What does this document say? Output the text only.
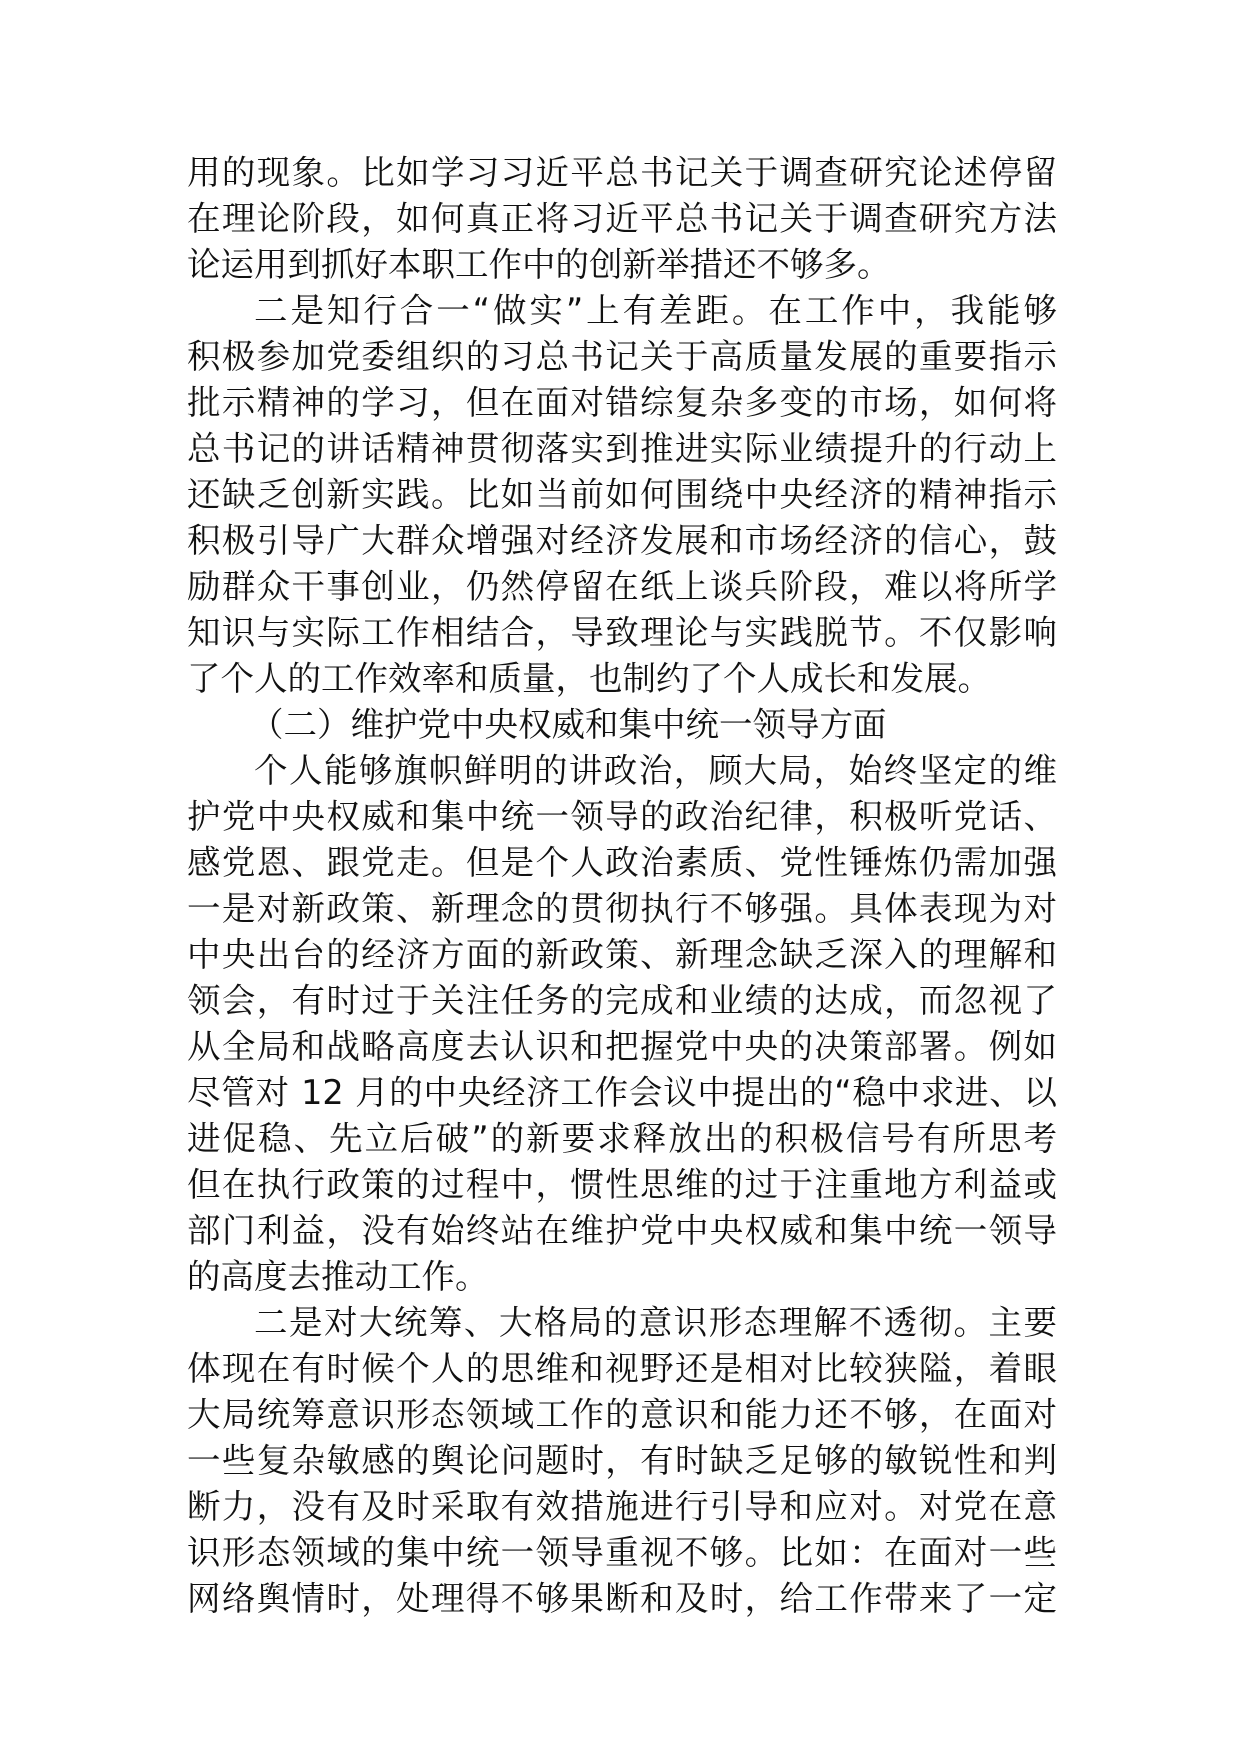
用的现象。比如学习习近平总书记关于调查研究论述停留
在理论阶段，如何真正将习近平总书记关于调查研究方法
论运用到抓好本职工作中的创新举措还不够多。
二是知行合一“做实”上有差距。在工作中，我能够
积极参加党委组织的习总书记关于高质量发展的重要指示
批示精神的学习，但在面对错综复杂多变的市场，如何将
总书记的讲话精神贯彻落实到推进实际业绩提升的行动上
还缺乏创新实践。比如当前如何围绕中央经济的精神指示
积极引导广大群众增强对经济发展和市场经济的信心，鼓
励群众干事创业，仍然停留在纸上谈兵阶段，难以将所学
知识与实际工作相结合，导致理论与实践脱节。不仅影响
了个人的工作效率和质量，也制约了个人成长和发展。
（二）维护党中央权威和集中统一领导方面
个人能够旗帜鲜明的讲政治，顾大局，始终坚定的维
护党中央权威和集中统一领导的政治纪律，积极听党话、
感党恩、跟党走。但是个人政治素质、党性锤炼仍需加强
一是对新政策、新理念的贯彻执行不够强。具体表现为对
中央出台的经济方面的新政策、新理念缺乏深入的理解和
领会，有时过于关注任务的完成和业绩的达成，而忽视了
从全局和战略高度去认识和把握党中央的决策部署。例如
尽管对 12 月的中央经济工作会议中提出的“稳中求进、以
进促稳、先立后破”的新要求释放出的积极信号有所思考
但在执行政策的过程中，惯性思维的过于注重地方利益或
部门利益，没有始终站在维护党中央权威和集中统一领导
的高度去推动工作。
二是对大统筹、大格局的意识形态理解不透彻。主要
体现在有时候个人的思维和视野还是相对比较狭隘，着眼
大局统筹意识形态领域工作的意识和能力还不够，在面对
一些复杂敏感的舆论问题时，有时缺乏足够的敏锐性和判
断力，没有及时采取有效措施进行引导和应对。对党在意
识形态领域的集中统一领导重视不够。比如：在面对一些
网络舆情时，处理得不够果断和及时，给工作带来了一定
